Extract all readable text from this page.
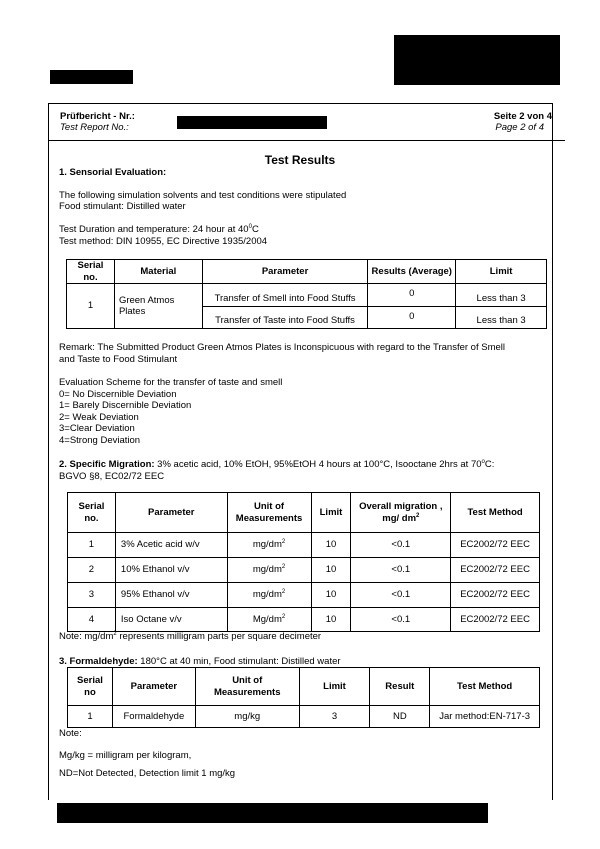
Prüfbericht - Nr.:
Test Report No.:
Seite 2 von 4
Page 2 of 4
Test Results
1. Sensorial Evaluation:
The following simulation solvents and test conditions were stipulated
Food stimulant: Distilled water
Test Duration and temperature: 24 hour at $40^0C$
Test method: DIN 10955, EC Directive 1935/2004
Serial no.	Material	Parameter	Results (Average)	Limit
1	Green Atmos Plates	Transfer of Smell into Food Stuffs	0	Less than 3
		Transfer of Taste into Food Stuffs	0	Less than 3
Remark: The Submitted Product Green Atmos Plates is Inconspicuous with regard to the Transfer of Smell
and Taste to Food Stimulant
Evaluation Scheme for the transfer of taste and smell
0= No Discernible Deviation
1= Barely Discernible Deviation
2= Weak Deviation
3=Clear Deviation
4=Strong Deviation
2. Specific Migration: 3% acetic acid, 10% EtOH, 95%EtOH 4 hours at 100°C, Isooctane 2hrs at 70$^o$C:
BGVO §8, EC02/72 EEC
Serial no.	Parameter	Unit of Measurements	Limit	Overall migration , mg/ $dm^2$	Test Method
1	3% Acetic acid w/v	$mg/dm^2$	10	<0.1	EC2002/72 EEC
2	10% Ethanol v/v	$mg/dm^2$	10	<0.1	EC2002/72 EEC
3	95% Ethanol v/v	$mg/dm^2$	10	<0.1	EC2002/72 EEC
4	Iso Octane v/v	$Mg/dm^2$	10	<0.1	EC2002/72 EEC
Note: $mg/dm^2$ represents milligram parts per square decimeter
3. Formaldehyde: 180°C at 40 min, Food stimulant: Distilled water
Serial no	Parameter	Unit of Measurements	Limit	Result	Test Method
1	Formaldehyde	mg/kg	3	ND	Jar method:EN-717-3
Note:
Mg/kg = milligram per kilogram,
ND=Not Detected, Detection limit 1 mg/kg
